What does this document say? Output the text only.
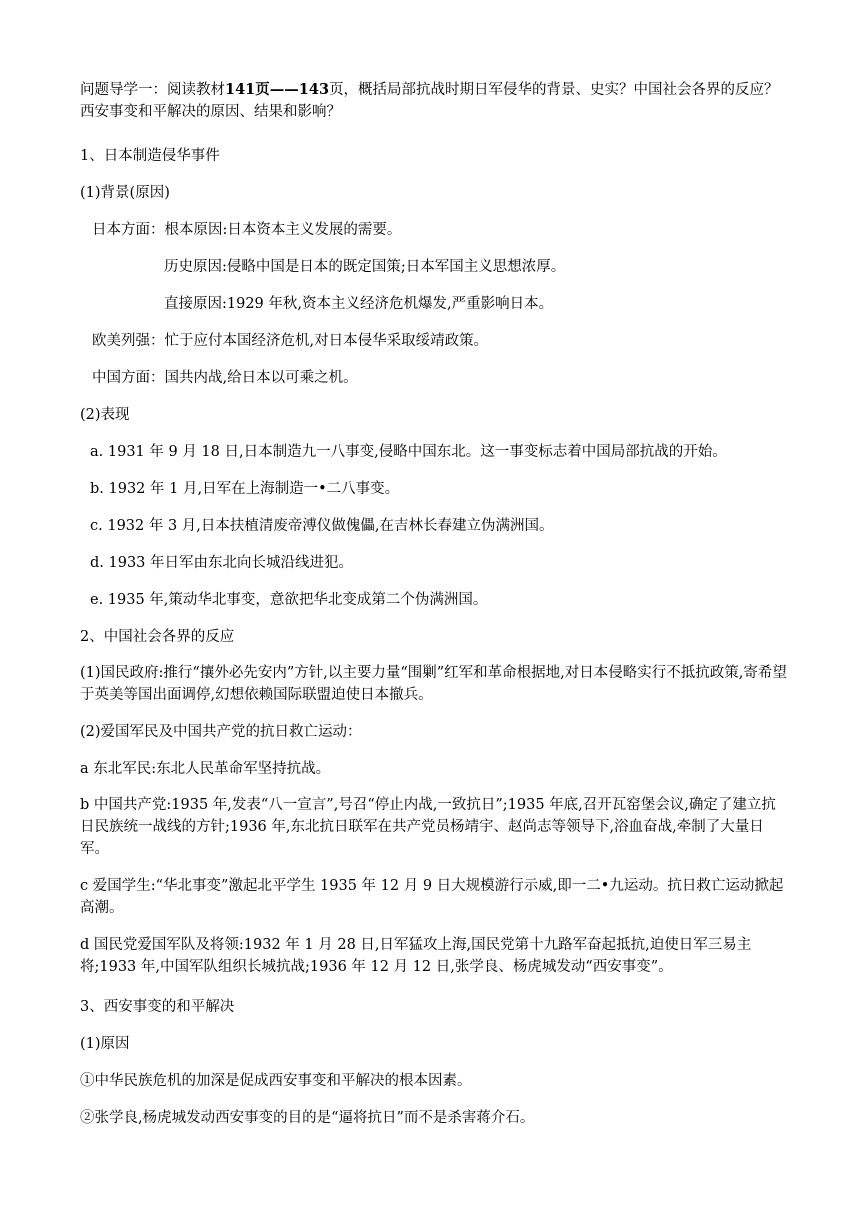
问题导学一：阅读教材141页——143页，概括局部抗战时期日军侵华的背景、史实？中国社会各界的反应？西安事变和平解决的原因、结果和影响？
1、日本制造侵华事件
(1)背景(原因)
日本方面：根本原因:日本资本主义发展的需要。
历史原因:侵略中国是日本的既定国策;日本军国主义思想浓厚。
直接原因:1929 年秋,资本主义经济危机爆发,严重影响日本。
欧美列强：忙于应付本国经济危机,对日本侵华采取绥靖政策。
中国方面：国共内战,给日本以可乘之机。
(2)表现
a. 1931 年 9 月 18 日,日本制造九一八事变,侵略中国东北。这一事变标志着中国局部抗战的开始。
b. 1932 年 1 月,日军在上海制造一•二八事变。
c. 1932 年 3 月,日本扶植清废帝溥仪做傀儡,在吉林长春建立伪满洲国。
d. 1933 年日军由东北向长城沿线进犯。
e. 1935 年,策动华北事变，意欲把华北变成第二个伪满洲国。
2、中国社会各界的反应
(1)国民政府:推行“攘外必先安内”方针,以主要力量“围剿”红军和革命根据地,对日本侵略实行不抵抗政策,寄希望于英美等国出面调停,幻想依赖国际联盟迫使日本撤兵。
(2)爱国军民及中国共产党的抗日救亡运动：
a 东北军民:东北人民革命军坚持抗战。
b 中国共产党:1935 年,发表“八一宣言”,号召“停止内战,一致抗日”;1935 年底,召开瓦窑堡会议,确定了建立抗日民族统一战线的方针;1936 年,东北抗日联军在共产党员杨靖宇、赵尚志等领导下,浴血奋战,牵制了大量日军。
c 爱国学生:“华北事变”激起北平学生 1935 年 12 月 9 日大规模游行示威,即一二•九运动。抗日救亡运动掀起高潮。
d 国民党爱国军队及将领:1932 年 1 月 28 日,日军猛攻上海,国民党第十九路军奋起抵抗,迫使日军三易主将;1933 年,中国军队组织长城抗战;1936 年 12 月 12 日,张学良、杨虎城发动“西安事变”。
3、西安事变的和平解决
(1)原因
①中华民族危机的加深是促成西安事变和平解决的根本因素。
②张学良,杨虎城发动西安事变的目的是“逼将抗日”而不是杀害蒋介石。
